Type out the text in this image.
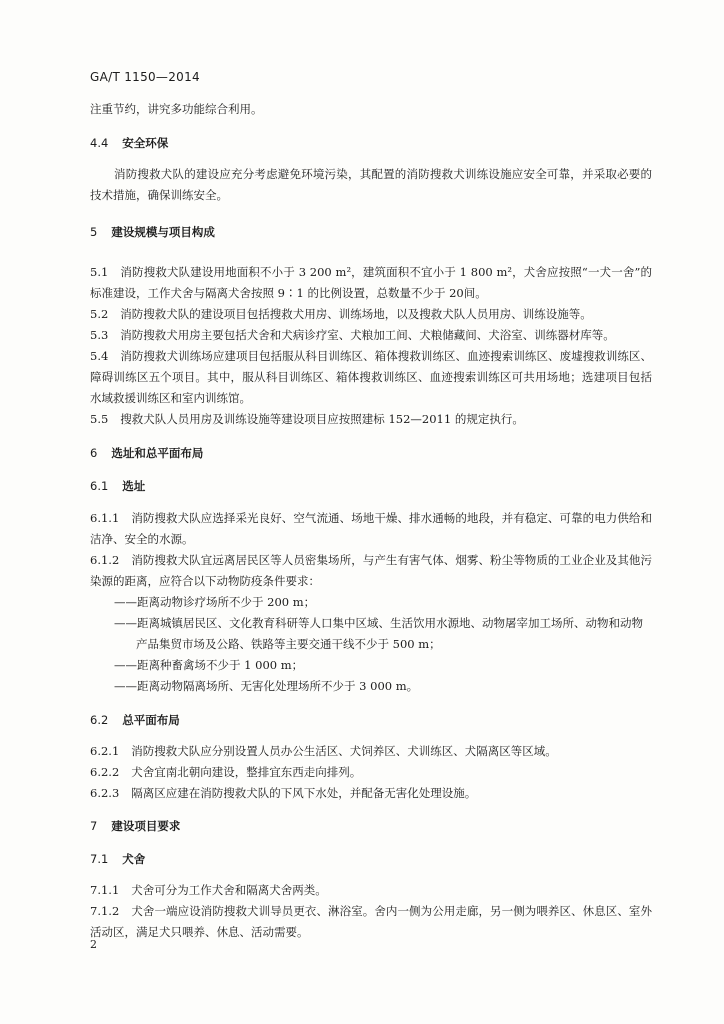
GA/T 1150—2014

注重节约，讲究多功能综合利用。

4.4 安全环保

消防搜救犬队的建设应充分考虑避免环境污染，其配置的消防搜救犬训练设施应安全可靠，并采取必要的技术措施，确保训练安全。

5 建设规模与项目构成

5.1 消防搜救犬队建设用地面积不小于 3 200 m²，建筑面积不宜小于 1 800 m²，犬舍应按照“一犬一舍”的标准建设，工作犬舍与隔离犬舍按照 9∶1 的比例设置，总数量不少于 20间。

5.2 消防搜救犬队的建设项目包括搜救犬用房、训练场地，以及搜救犬队人员用房、训练设施等。

5.3 消防搜救犬用房主要包括犬舍和犬病诊疗室、犬粮加工间、犬粮储藏间、犬浴室、训练器材库等。

5.4 消防搜救犬训练场应建项目包括服从科目训练区、箱体搜救训练区、血迹搜索训练区、废墟搜救训练区、障碍训练区五个项目。其中，服从科目训练区、箱体搜救训练区、血迹搜索训练区可共用场地；选建项目包括水域救援训练区和室内训练馆。

5.5 搜救犬队人员用房及训练设施等建设项目应按照建标 152—2011 的规定执行。

6 选址和总平面布局

6.1 选址

6.1.1 消防搜救犬队应选择采光良好、空气流通、场地干燥、排水通畅的地段，并有稳定、可靠的电力供给和洁净、安全的水源。

6.1.2 消防搜救犬队宜远离居民区等人员密集场所，与产生有害气体、烟雾、粉尘等物质的工业企业及其他污染源的距离，应符合以下动物防疫条件要求：

——距离动物诊疗场所不少于 200 m；

——距离城镇居民区、文化教育科研等人口集中区域、生活饮用水源地、动物屠宰加工场所、动物和动物产品集贸市场及公路、铁路等主要交通干线不少于 500 m；

——距离种畜禽场不少于 1 000 m；

——距离动物隔离场所、无害化处理场所不少于 3 000 m。

6.2 总平面布局

6.2.1 消防搜救犬队应分别设置人员办公生活区、犬饲养区、犬训练区、犬隔离区等区域。

6.2.2 犬舍宜南北朝向建设，整排宜东西走向排列。

6.2.3 隔离区应建在消防搜救犬队的下风下水处，并配备无害化处理设施。

7 建设项目要求

7.1 犬舍

7.1.1 犬舍可分为工作犬舍和隔离犬舍两类。

7.1.2 犬舍一端应设消防搜救犬训导员更衣、淋浴室。舍内一侧为公用走廊，另一侧为喂养区、休息区、室外活动区，满足犬只喂养、休息、活动需要。

2
